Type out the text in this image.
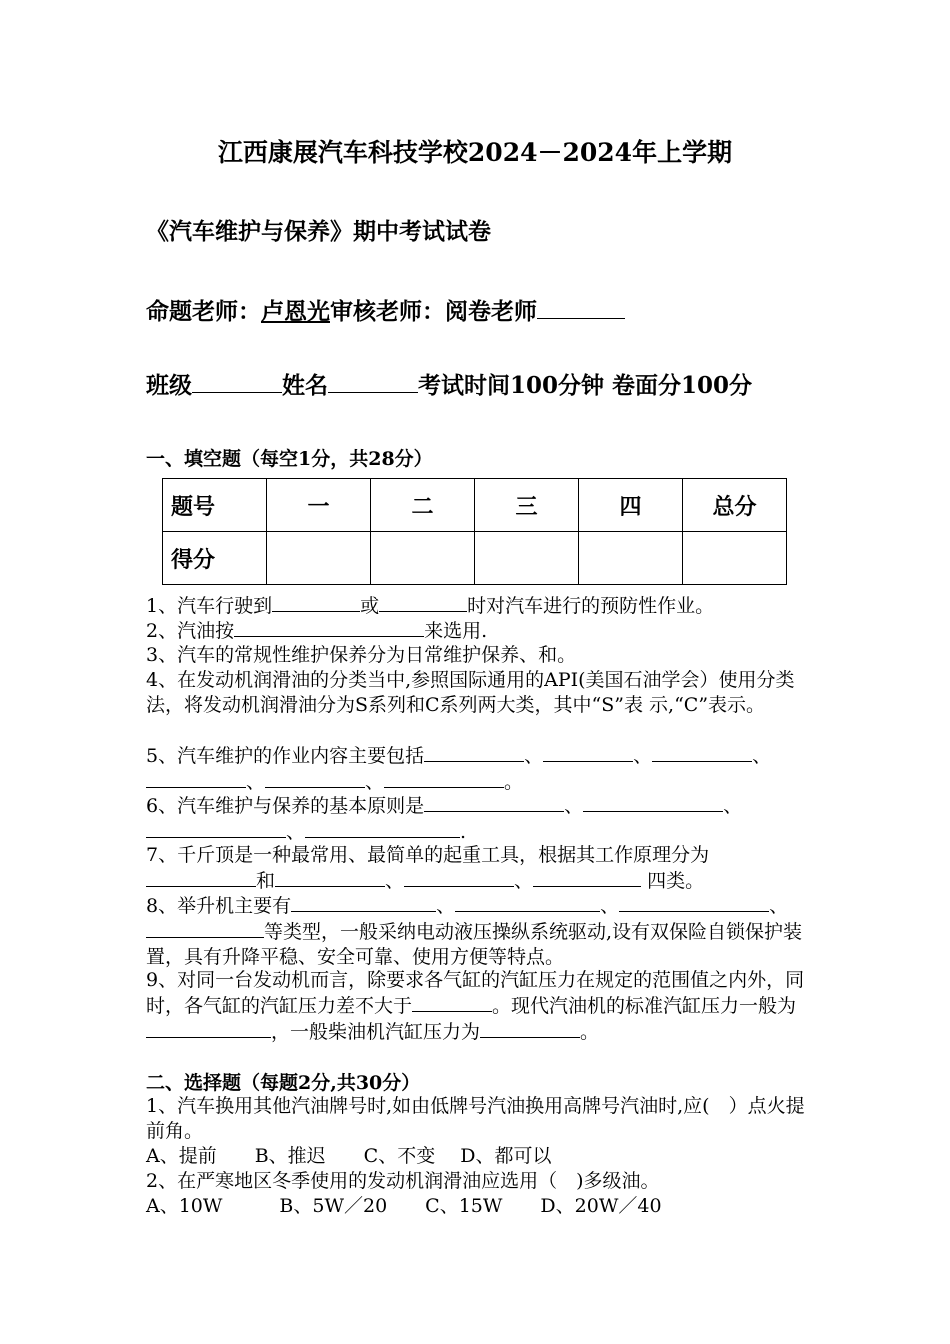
江西康展汽车科技学校2024－2024年上学期
《汽车维护与保养》期中考试试卷
命题老师：卢恩光审核老师：阅卷老师
班级	姓名	考试时间100分钟 卷面分100分
一、填空题（每空1分，共28分）
题号	一	二	三	四	总分
得分					
1、汽车行驶到	或	时对汽车进行的预防性作业。
2、汽油按	来选用.
3、汽车的常规性维护保养分为日常维护保养、和。
4、在发动机润滑油的分类当中,参照国际通用的API(美国石油学会）使用分类法，将发动机润滑油分为S系列和C系列两大类，其中“S”表 示,“C”表示。
5、汽车维护的作业内容主要包括	、	、	、、	、	。
6、汽车维护与保养的基本原则是	、	、、	.
7、千斤顶是一种最常用、最简单的起重工具，根据其工作原理分为和	、	、	四类。
8、举升机主要有	、	、	、等类型，一般采纳电动液压操纵系统驱动,设有双保险自锁保护装置，具有升降平稳、安全可靠、使用方便等特点。
9、对同一台发动机而言，除要求各气缸的汽缸压力在规定的范围值之内外，同时，各气缸的汽缸压力差不大于	。现代汽油机的标准汽缸压力一般为，一般柴油机汽缸压力为	。
二、选择题（每题2分,共30分）
1、汽车换用其他汽油牌号时,如由低牌号汽油换用高牌号汽油时,应(　）点火提前角。
A、提前　　B、推迟　　C、不变　 D、都可以
2、在严寒地区冬季使用的发动机润滑油应选用（　)多级油。
A、10W　　　B、5W／20　　C、15W　　D、20W／40
